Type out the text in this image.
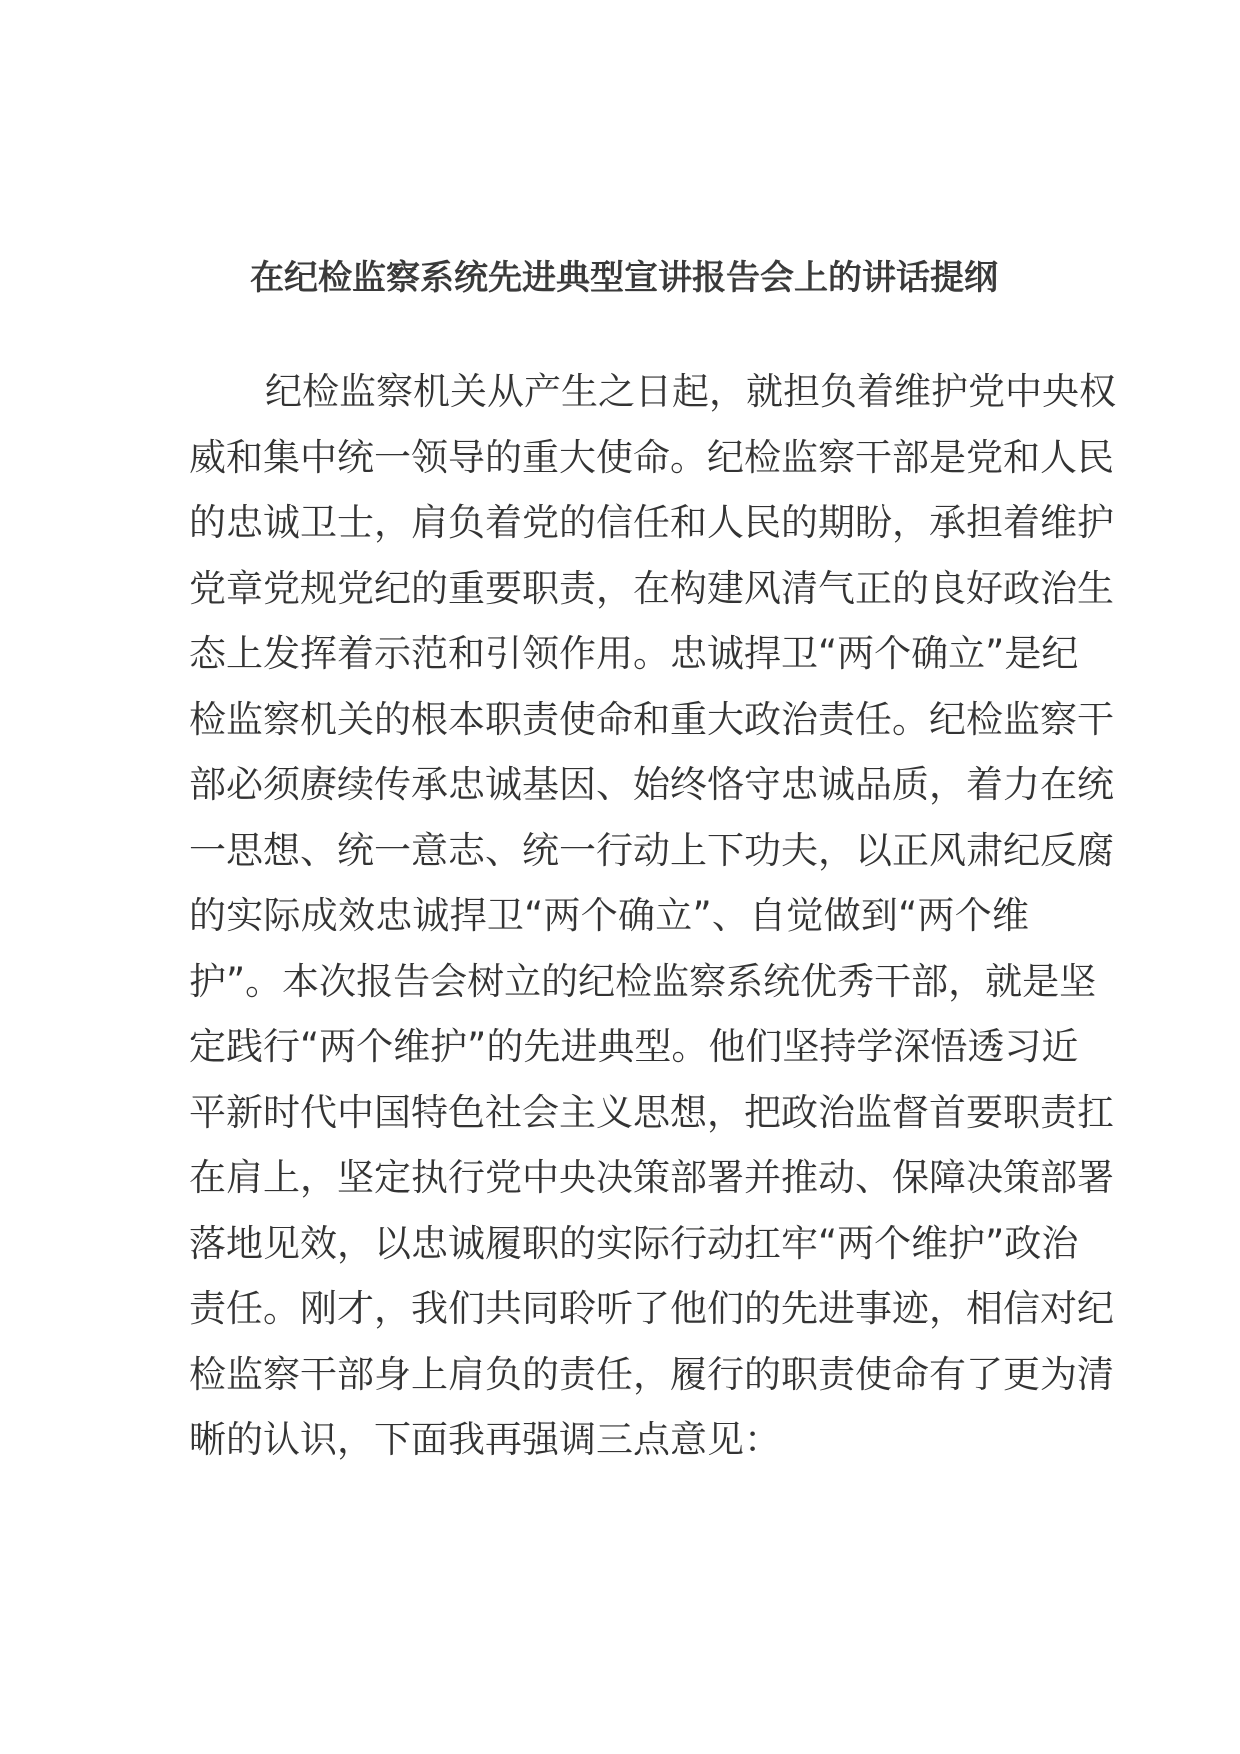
在纪检监察系统先进典型宣讲报告会上的讲话提纲
纪检监察机关从产生之日起，就担负着维护党中央权
威和集中统一领导的重大使命。纪检监察干部是党和人民
的忠诚卫士，肩负着党的信任和人民的期盼，承担着维护
党章党规党纪的重要职责，在构建风清气正的良好政治生
态上发挥着示范和引领作用。忠诚捍卫“两个确立”是纪
检监察机关的根本职责使命和重大政治责任。纪检监察干
部必须赓续传承忠诚基因、始终恪守忠诚品质，着力在统
一思想、统一意志、统一行动上下功夫，以正风肃纪反腐
的实际成效忠诚捍卫“两个确立”、自觉做到“两个维
护”。本次报告会树立的纪检监察系统优秀干部，就是坚
定践行“两个维护”的先进典型。他们坚持学深悟透习近
平新时代中国特色社会主义思想，把政治监督首要职责扛
在肩上，坚定执行党中央决策部署并推动、保障决策部署
落地见效，以忠诚履职的实际行动扛牢“两个维护”政治
责任。刚才，我们共同聆听了他们的先进事迹，相信对纪
检监察干部身上肩负的责任，履行的职责使命有了更为清
晰的认识，下面我再强调三点意见：
